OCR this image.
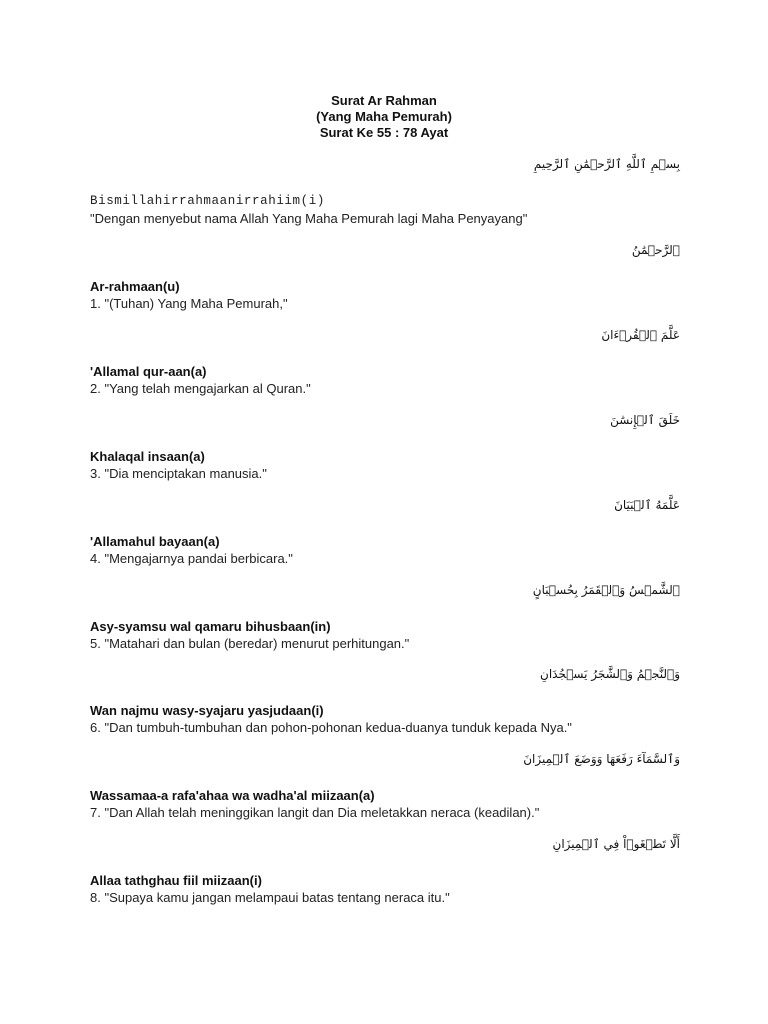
Surat Ar Rahman
(Yang Maha Pemurah)
Surat Ke 55 : 78 Ayat
بِسۡمِ ٱللَّهِ ٱلرَّحۡمَٰنِ ٱلرَّحِيمِ
Bismillahirrahmaanirrahiim(i)
"Dengan menyebut nama Allah Yang Maha Pemurah lagi Maha Penyayang"
ٱلرَّحۡمَٰنُ
Ar-rahmaan(u)
1. "(Tuhan) Yang Maha Pemurah,"
عَلَّمَ ٱلۡقُرۡءَانَ
'Allamal qur-aan(a)
2. "Yang telah mengajarkan al Quran."
خَلَقَ ٱلۡإِنسَٰنَ
Khalaqal insaan(a)
3. "Dia menciptakan manusia."
عَلَّمَهُ ٱلۡبَيَانَ
'Allamahul bayaan(a)
4. "Mengajarnya pandai berbicara."
ٱلشَّمۡسُ وَٱلۡقَمَرُ بِحُسۡبَانٍ
Asy-syamsu wal qamaru bihusbaan(in)
5. "Matahari dan bulan (beredar) menurut perhitungan."
وَٱلنَّجۡمُ وَٱلشَّجَرُ يَسۡجُدَانِ
Wan najmu wasy-syajaru yasjudaan(i)
6. "Dan tumbuh-tumbuhan dan pohon-pohonan kedua-duanya tunduk kepada Nya."
وَٱلسَّمَآءَ رَفَعَهَا وَوَضَعَ ٱلۡمِيزَانَ
Wassamaa-a rafa'ahaa wa wadha'al miizaan(a)
7. "Dan Allah telah meninggikan langit dan Dia meletakkan neraca (keadilan)."
أَلَّا تَطۡغَوۡاْ فِي ٱلۡمِيزَانِ
Allaa tathghau fiil miizaan(i)
8. "Supaya kamu jangan melampaui batas tentang neraca itu."
